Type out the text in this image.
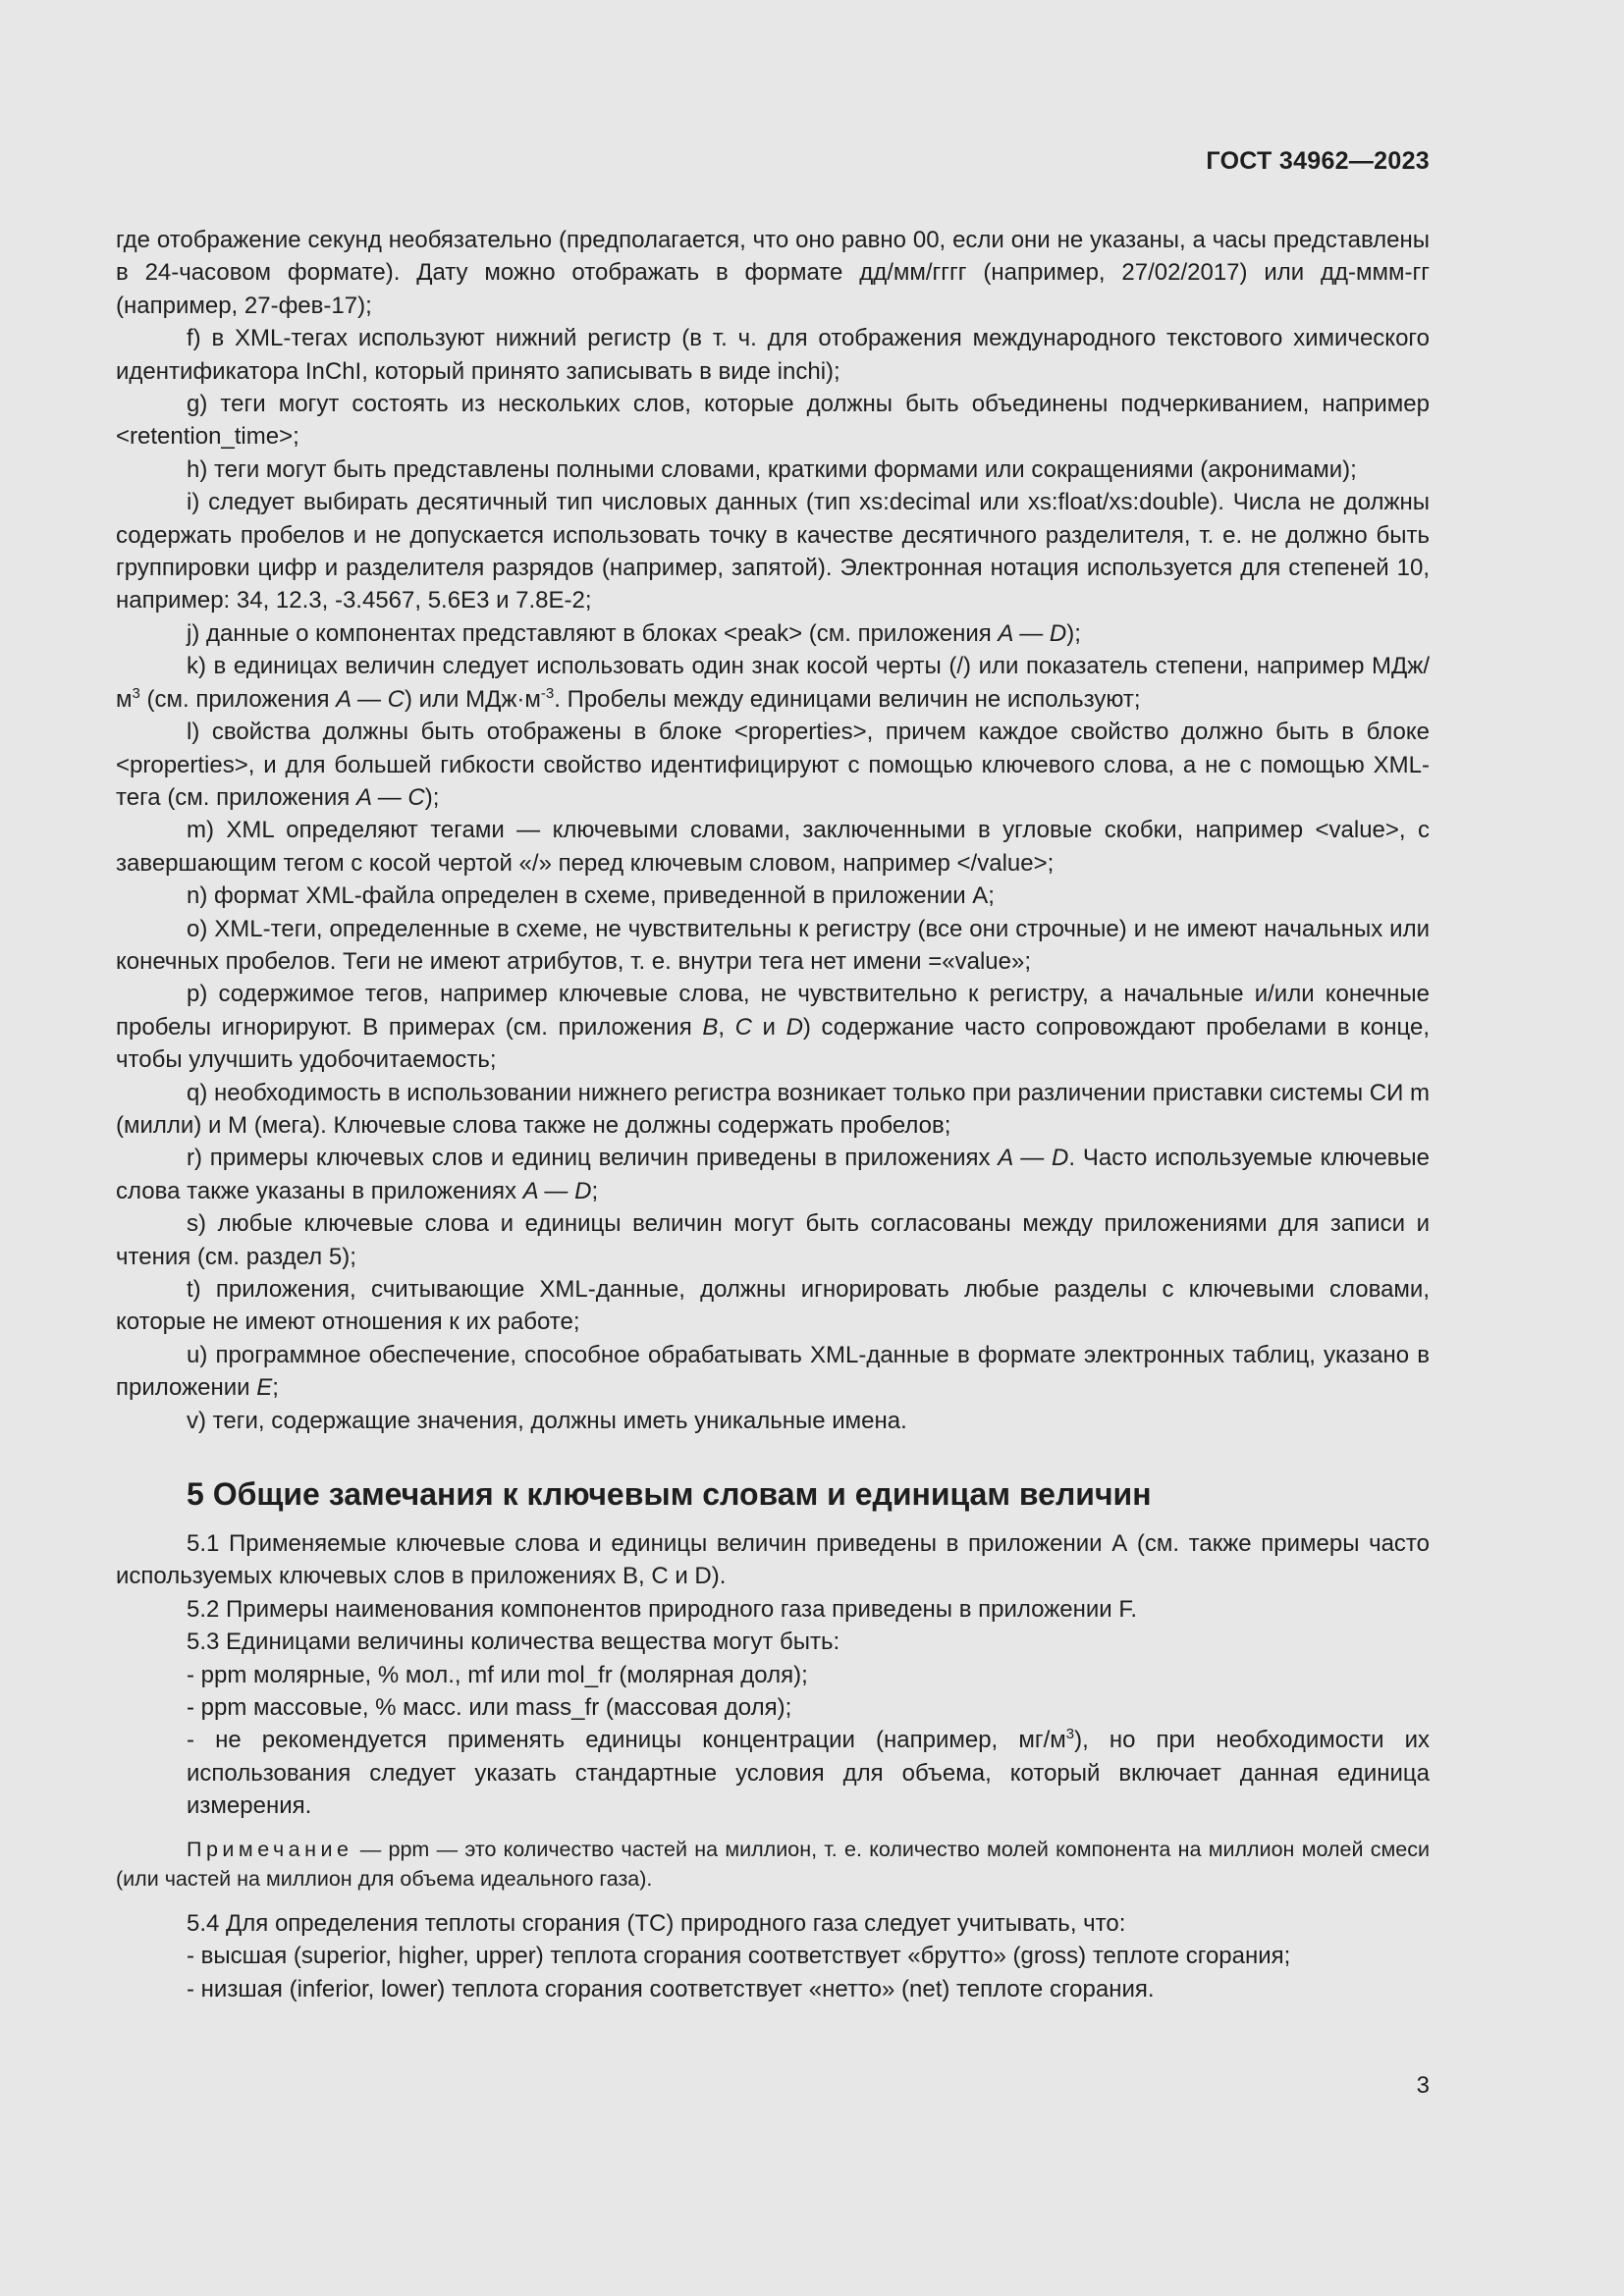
ГОСТ 34962—2023

где отображение секунд необязательно (предполагается, что оно равно 00, если они не указаны, а часы представлены в 24-часовом формате). Дату можно отображать в формате дд/мм/гггг (например, 27/02/2017) или дд-ммм-гг (например, 27-фев-17);

f) в XML-тегах используют нижний регистр (в т. ч. для отображения международного текстового химического идентификатора InChI, который принято записывать в виде inchi);

g) теги могут состоять из нескольких слов, которые должны быть объединены подчеркиванием, например <retention_time>;

h) теги могут быть представлены полными словами, краткими формами или сокращениями (акронимами);

i) следует выбирать десятичный тип числовых данных (тип xs:decimal или xs:float/xs:double). Числа не должны содержать пробелов и не допускается использовать точку в качестве десятичного разделителя, т. е. не должно быть группировки цифр и разделителя разрядов (например, запятой). Электронная нотация используется для степеней 10, например: 34, 12.3, -3.4567, 5.6E3 и 7.8E-2;

j) данные о компонентах представляют в блоках <peak> (см. приложения A — D);

k) в единицах величин следует использовать один знак косой черты (/) или показатель степени, например МДж/$м^3$ (см. приложения A — C) или $МДж\cdot м^{-3}$. Пробелы между единицами величин не используют;

l) свойства должны быть отображены в блоке <properties>, причем каждое свойство должно быть в блоке <properties>, и для большей гибкости свойство идентифицируют с помощью ключевого слова, а не с помощью XML-тега (см. приложения A — C);

m) XML определяют тегами — ключевыми словами, заключенными в угловые скобки, например <value>, с завершающим тегом с косой чертой «/» перед ключевым словом, например </value>;

n) формат XML-файла определен в схеме, приведенной в приложении А;

o) XML-теги, определенные в схеме, не чувствительны к регистру (все они строчные) и не имеют начальных или конечных пробелов. Теги не имеют атрибутов, т. е. внутри тега нет имени =«value»;

p) содержимое тегов, например ключевые слова, не чувствительно к регистру, а начальные и/или конечные пробелы игнорируют. В примерах (см. приложения B, C и D) содержание часто сопровождают пробелами в конце, чтобы улучшить удобочитаемость;

q) необходимость в использовании нижнего регистра возникает только при различении приставки системы СИ m (милли) и M (мега). Ключевые слова также не должны содержать пробелов;

r) примеры ключевых слов и единиц величин приведены в приложениях A — D. Часто используемые ключевые слова также указаны в приложениях A — D;

s) любые ключевые слова и единицы величин могут быть согласованы между приложениями для записи и чтения (см. раздел 5);

t) приложения, считывающие XML-данные, должны игнорировать любые разделы с ключевыми словами, которые не имеют отношения к их работе;

u) программное обеспечение, способное обрабатывать XML-данные в формате электронных таблиц, указано в приложении E;

v) теги, содержащие значения, должны иметь уникальные имена.

5 Общие замечания к ключевым словам и единицам величин

5.1 Применяемые ключевые слова и единицы величин приведены в приложении А (см. также примеры часто используемых ключевых слов в приложениях В, С и D).

5.2 Примеры наименования компонентов природного газа приведены в приложении F.

5.3 Единицами величины количества вещества могут быть:

- ppm молярные, % мол., mf или mol_fr (молярная доля);

- ppm массовые, % масс. или mass_fr (массовая доля);

- не рекомендуется применять единицы концентрации (например, $мг/м^3$), но при необходимости их использования следует указать стандартные условия для объема, который включает данная единица измерения.

Примечание — ppm — это количество частей на миллион, т. е. количество молей компонента на миллион молей смеси (или частей на миллион для объема идеального газа).

5.4 Для определения теплоты сгорания (ТС) природного газа следует учитывать, что:

- высшая (superior, higher, upper) теплота сгорания соответствует «брутто» (gross) теплоте сгорания;

- низшая (inferior, lower) теплота сгорания соответствует «нетто» (net) теплоте сгорания.

3
